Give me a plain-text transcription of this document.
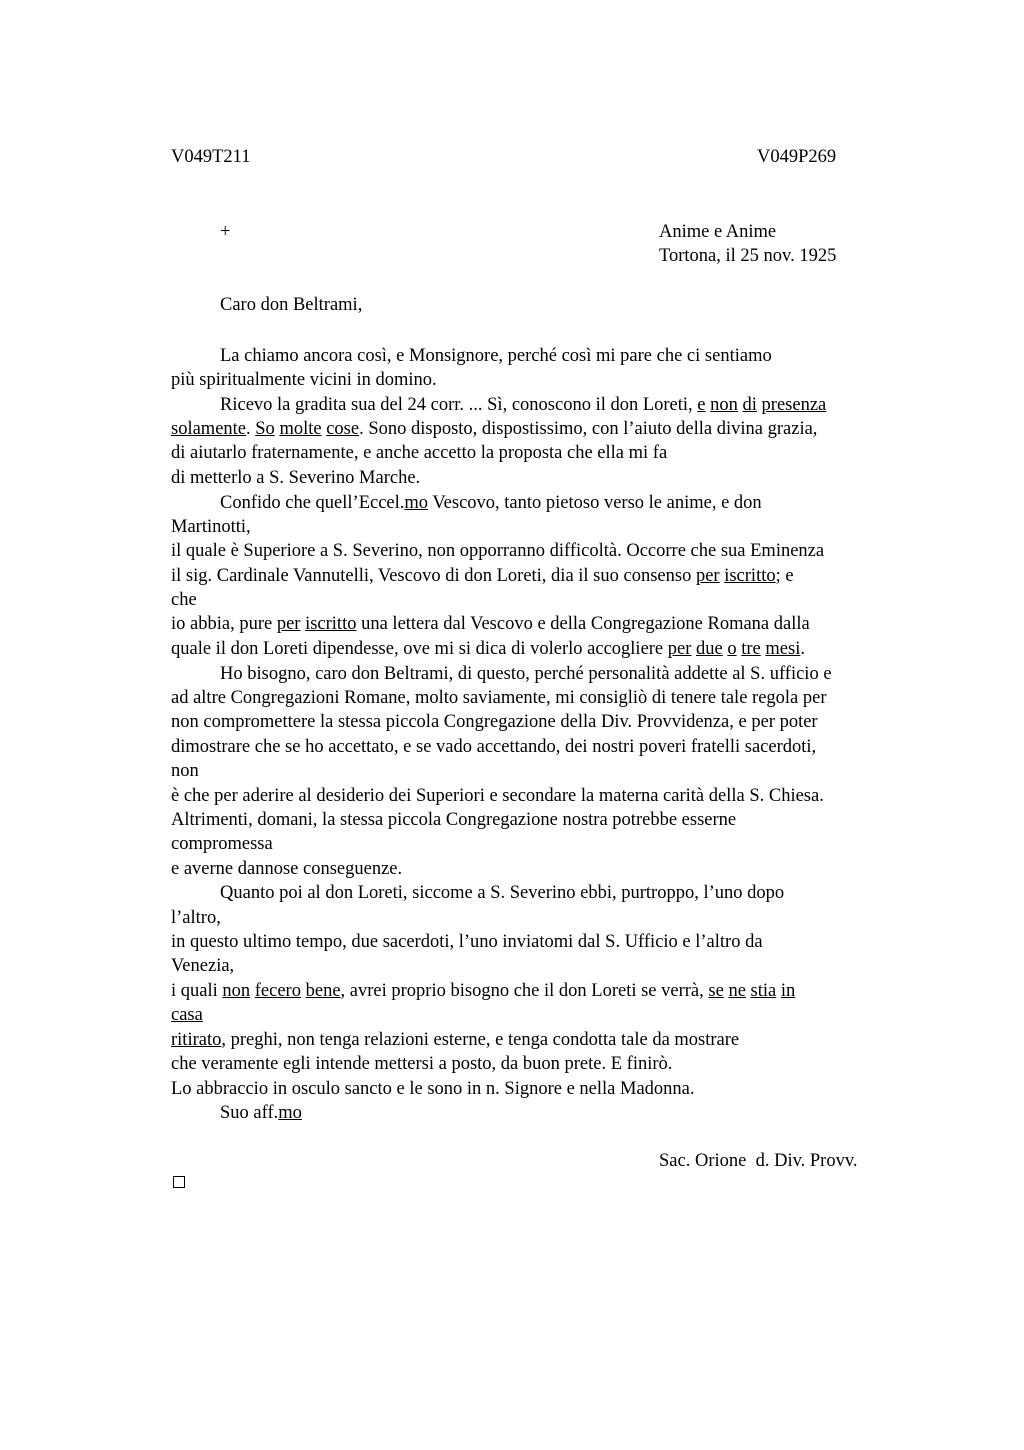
V049T211	V049P269
+	Anime e Anime
Tortona, il 25 nov. 1925
Caro don Beltrami,
La chiamo ancora così, e Monsignore, perché così mi pare che ci sentiamo
più spiritualmente vicini in domino.
Ricevo la gradita sua del 24 corr. ... Sì, conoscono il don Loreti, e non di presenza
solamente. So molte cose. Sono disposto, dispostissimo, con l’aiuto della divina grazia,
di aiutarlo fraternamente, e anche accetto la proposta che ella mi fa
di metterlo a S. Severino Marche.
Confido che quell’Eccel.mo Vescovo, tanto pietoso verso le anime, e don
Martinotti,
il quale è Superiore a S. Severino, non opporranno difficoltà. Occorre che sua Eminenza
il sig. Cardinale Vannutelli, Vescovo di don Loreti, dia il suo consenso per iscritto; e
che
io abbia, pure per iscritto una lettera dal Vescovo e della Congregazione Romana dalla
quale il don Loreti dipendesse, ove mi si dica di volerlo accogliere per due o tre mesi.
Ho bisogno, caro don Beltrami, di questo, perché personalità addette al S. ufficio e
ad altre Congregazioni Romane, molto saviamente, mi consigliò di tenere tale regola per
non compromettere la stessa piccola Congregazione della Div. Provvidenza, e per poter
dimostrare che se ho accettato, e se vado accettando, dei nostri poveri fratelli sacerdoti,
non
è che per aderire al desiderio dei Superiori e secondare la materna carità della S. Chiesa.
Altrimenti, domani, la stessa piccola Congregazione nostra potrebbe esserne
compromessa
e averne dannose conseguenze.
Quanto poi al don Loreti, siccome a S. Severino ebbi, purtroppo, l’uno dopo
l’altro,
in questo ultimo tempo, due sacerdoti, l’uno inviatomi dal S. Ufficio e l’altro da
Venezia,
i quali non fecero bene, avrei proprio bisogno che il don Loreti se verrà, se ne stia in
casa
ritirato, preghi, non tenga relazioni esterne, e tenga condotta tale da mostrare
che veramente egli intende mettersi a posto, da buon prete. E finirò.
Lo abbraccio in osculo sancto e le sono in n. Signore e nella Madonna.
Suo aff.mo
Sac. Orione  d. Div. Provv.
